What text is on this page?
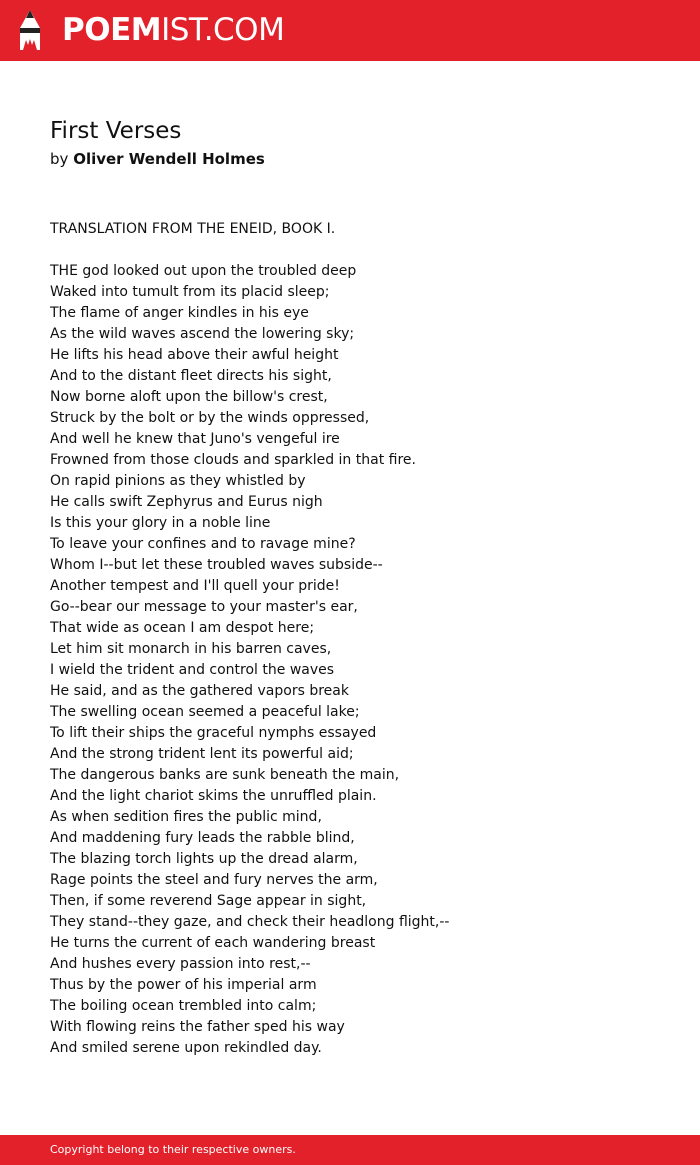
POEMIST.COM
First Verses
by Oliver Wendell Holmes
TRANSLATION FROM THE ENEID, BOOK I.
THE god looked out upon the troubled deep
Waked into tumult from its placid sleep;
The flame of anger kindles in his eye
As the wild waves ascend the lowering sky;
He lifts his head above their awful height
And to the distant fleet directs his sight,
Now borne aloft upon the billow's crest,
Struck by the bolt or by the winds oppressed,
And well he knew that Juno's vengeful ire
Frowned from those clouds and sparkled in that fire.
On rapid pinions as they whistled by
He calls swift Zephyrus and Eurus nigh
Is this your glory in a noble line
To leave your confines and to ravage mine?
Whom I--but let these troubled waves subside--
Another tempest and I'll quell your pride!
Go--bear our message to your master's ear,
That wide as ocean I am despot here;
Let him sit monarch in his barren caves,
I wield the trident and control the waves
He said, and as the gathered vapors break
The swelling ocean seemed a peaceful lake;
To lift their ships the graceful nymphs essayed
And the strong trident lent its powerful aid;
The dangerous banks are sunk beneath the main,
And the light chariot skims the unruffled plain.
As when sedition fires the public mind,
And maddening fury leads the rabble blind,
The blazing torch lights up the dread alarm,
Rage points the steel and fury nerves the arm,
Then, if some reverend Sage appear in sight,
They stand--they gaze, and check their headlong flight,--
He turns the current of each wandering breast
And hushes every passion into rest,--
Thus by the power of his imperial arm
The boiling ocean trembled into calm;
With flowing reins the father sped his way
And smiled serene upon rekindled day.
Copyright belong to their respective owners.
